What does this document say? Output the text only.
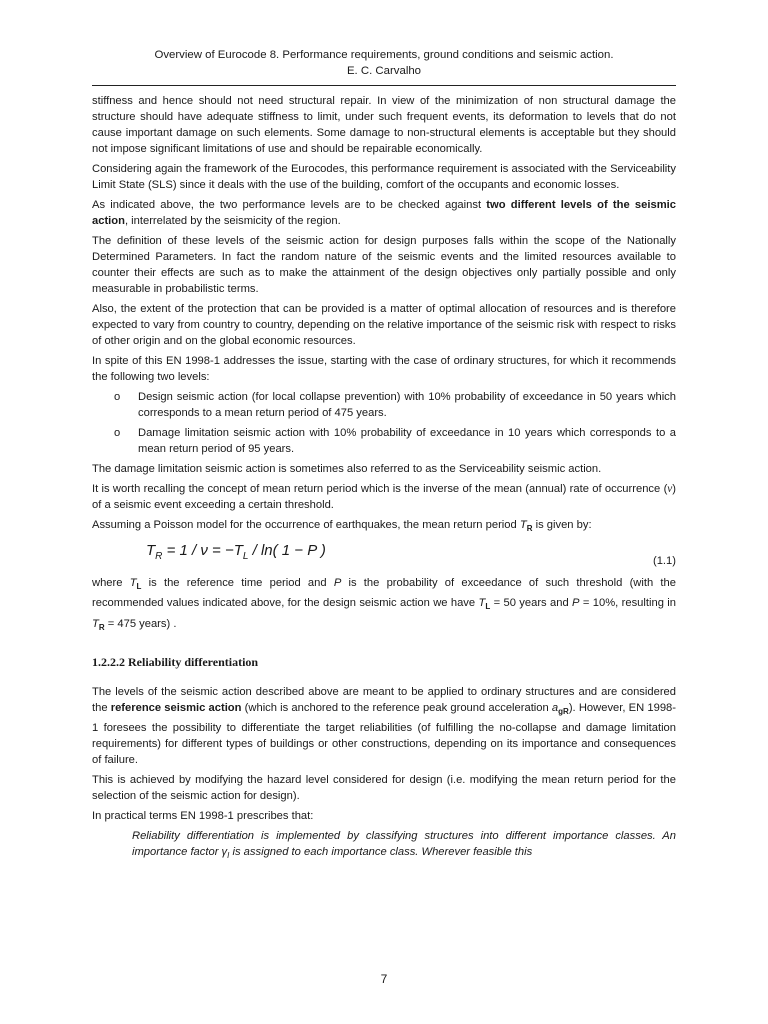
Overview of Eurocode 8. Performance requirements, ground conditions and seismic action.
E. C. Carvalho

stiffness and hence should not need structural repair. In view of the minimization of non structural damage the structure should have adequate stiffness to limit, under such frequent events, its deformation to levels that do not cause important damage on such elements. Some damage to non-structural elements is acceptable but they should not impose significant limitations of use and should be repairable economically.

Considering again the framework of the Eurocodes, this performance requirement is associated with the Serviceability Limit State (SLS) since it deals with the use of the building, comfort of the occupants and economic losses.

As indicated above, the two performance levels are to be checked against two different levels of the seismic action, interrelated by the seismicity of the region.

The definition of these levels of the seismic action for design purposes falls within the scope of the Nationally Determined Parameters. In fact the random nature of the seismic events and the limited resources available to counter their effects are such as to make the attainment of the design objectives only partially possible and only measurable in probabilistic terms.

Also, the extent of the protection that can be provided is a matter of optimal allocation of resources and is therefore expected to vary from country to country, depending on the relative importance of the seismic risk with respect to risks of other origin and on the global economic resources.

In spite of this EN 1998-1 addresses the issue, starting with the case of ordinary structures, for which it recommends the following two levels:

o Design seismic action (for local collapse prevention) with 10% probability of exceedance in 50 years which corresponds to a mean return period of 475 years.
o Damage limitation seismic action with 10% probability of exceedance in 10 years which corresponds to a mean return period of 95 years.

The damage limitation seismic action is sometimes also referred to as the Serviceability seismic action.

It is worth recalling the concept of mean return period which is the inverse of the mean (annual) rate of occurrence (ν) of a seismic event exceeding a certain threshold.

Assuming a Poisson model for the occurrence of earthquakes, the mean return period $T_R$ is given by:

$T_R = 1 / \nu = -T_L / \ln$( 1 − P )
(1.1)

where $T_L$ is the reference time period and P is the probability of exceedance of such threshold (with the recommended values indicated above, for the design seismic action we have $T_L = 50$ years and P = 10%, resulting in $T_R = 475$ years) .

1.2.2.2 Reliability differentiation

The levels of the seismic action described above are meant to be applied to ordinary structures and are considered the reference seismic action (which is anchored to the reference peak ground acceleration $a_{gR}$). However, EN 1998-1 foresees the possibility to differentiate the target reliabilities (of fulfilling the no-collapse and damage limitation requirements) for different types of buildings or other constructions, depending on its importance and consequences of failure.

This is achieved by modifying the hazard level considered for design (i.e. modifying the mean return period for the selection of the seismic action for design).

In practical terms EN 1998-1 prescribes that:

Reliability differentiation is implemented by classifying structures into different importance classes. An importance factor $\gamma_I$ is assigned to each importance class. Wherever feasible this

7
